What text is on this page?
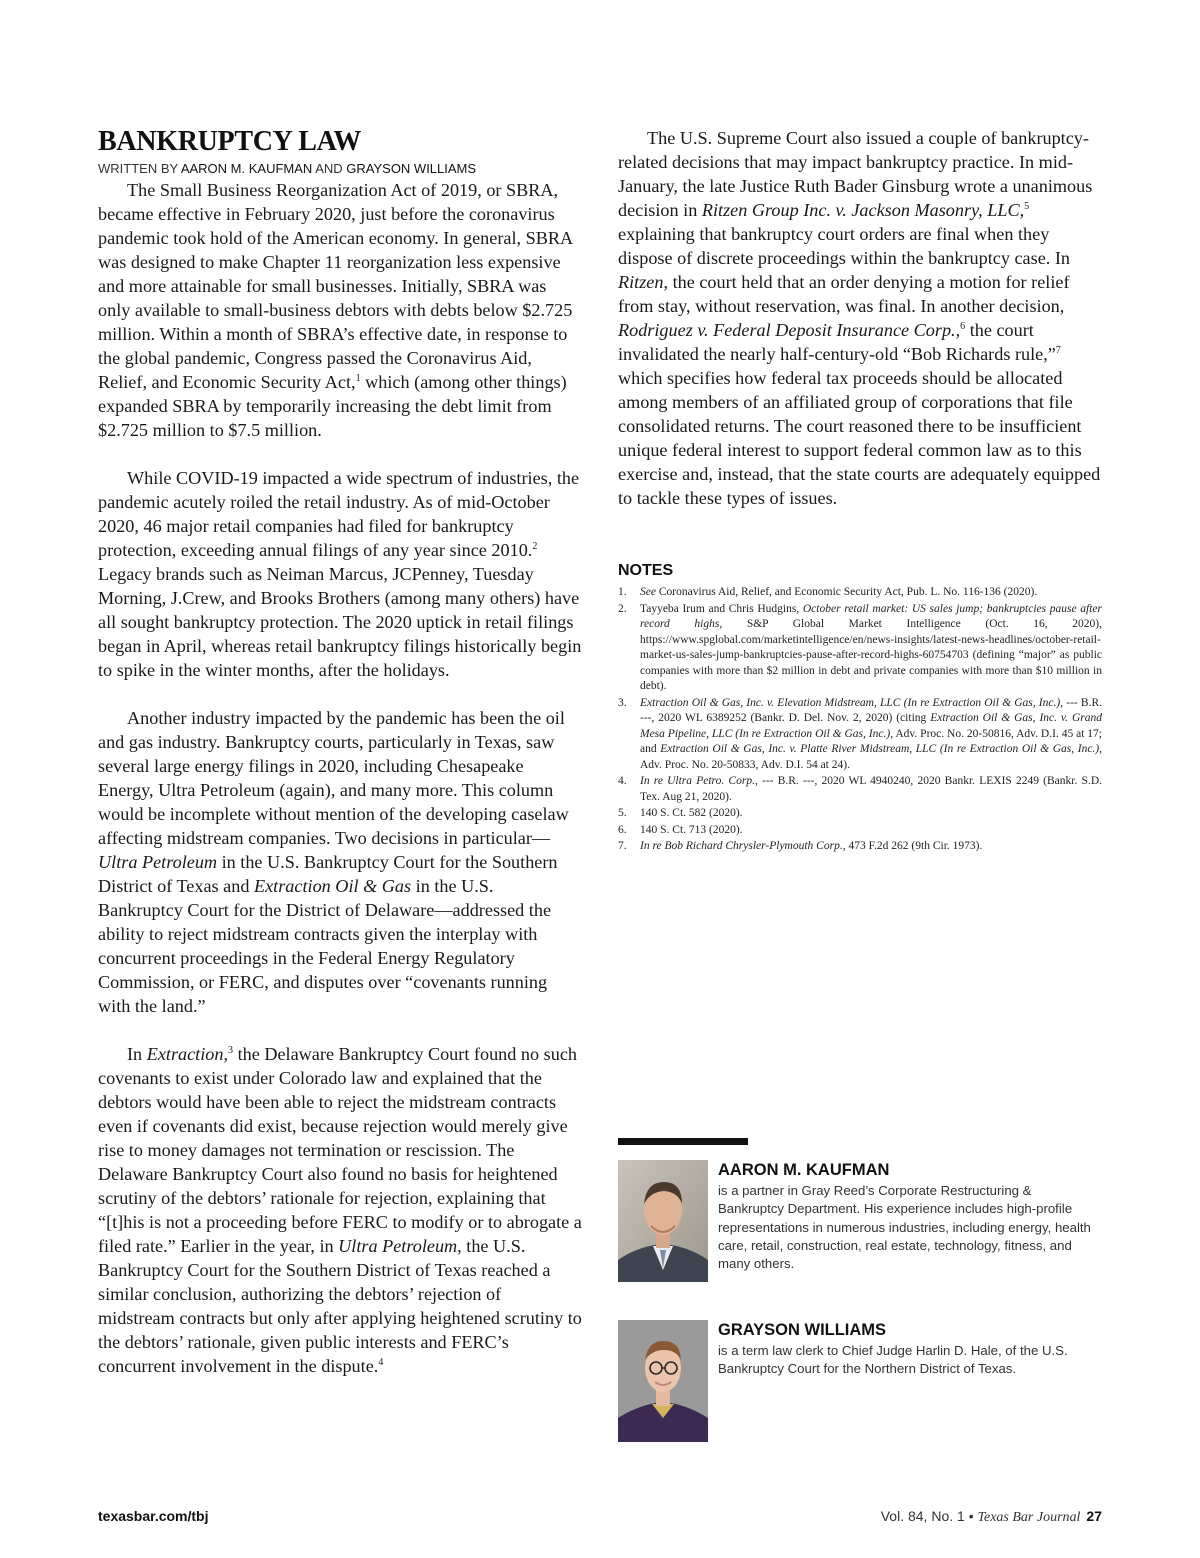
BANKRUPTCY LAW

WRITTEN BY AARON M. KAUFMAN AND GRAYSON WILLIAMS

The Small Business Reorganization Act of 2019, or SBRA, became effective in February 2020, just before the coronavirus pandemic took hold of the American economy. In general, SBRA was designed to make Chapter 11 reorganization less expensive and more attainable for small businesses. Initially, SBRA was only available to small-business debtors with debts below $2.725 million. Within a month of SBRA’s effective date, in response to the global pandemic, Congress passed the Coronavirus Aid, Relief, and Economic Security Act,$^1$ which (among other things) expanded SBRA by temporarily increasing the debt limit from $2.725 million to $7.5 million.

While COVID-19 impacted a wide spectrum of industries, the pandemic acutely roiled the retail industry. As of mid-October 2020, 46 major retail companies had filed for bankruptcy protection, exceeding annual filings of any year since 2010.$^2$ Legacy brands such as Neiman Marcus, JCPenney, Tuesday Morning, J.Crew, and Brooks Brothers (among many others) have all sought bankruptcy protection. The 2020 uptick in retail filings began in April, whereas retail bankruptcy filings historically begin to spike in the winter months, after the holidays.

Another industry impacted by the pandemic has been the oil and gas industry. Bankruptcy courts, particularly in Texas, saw several large energy filings in 2020, including Chesapeake Energy, Ultra Petroleum (again), and many more. This column would be incomplete without mention of the developing caselaw affecting midstream companies. Two decisions in particular—Ultra Petroleum in the U.S. Bankruptcy Court for the Southern District of Texas and Extraction Oil & Gas in the U.S. Bankruptcy Court for the District of Delaware—addressed the ability to reject midstream contracts given the interplay with concurrent proceedings in the Federal Energy Regulatory Commission, or FERC, and disputes over “covenants running with the land.”

In Extraction,$^3$ the Delaware Bankruptcy Court found no such covenants to exist under Colorado law and explained that the debtors would have been able to reject the midstream contracts even if covenants did exist, because rejection would merely give rise to money damages not termination or rescission. The Delaware Bankruptcy Court also found no basis for heightened scrutiny of the debtors’ rationale for rejection, explaining that “[t]his is not a proceeding before FERC to modify or to abrogate a filed rate.” Earlier in the year, in Ultra Petroleum, the U.S. Bankruptcy Court for the Southern District of Texas reached a similar conclusion, authorizing the debtors’ rejection of midstream contracts but only after applying heightened scrutiny to the debtors’ rationale, given public interests and FERC’s concurrent involvement in the dispute.$^4$

The U.S. Supreme Court also issued a couple of bankruptcy-related decisions that may impact bankruptcy practice. In mid-January, the late Justice Ruth Bader Ginsburg wrote a unanimous decision in Ritzen Group Inc. v. Jackson Masonry, LLC,$^5$ explaining that bankruptcy court orders are final when they dispose of discrete proceedings within the bankruptcy case. In Ritzen, the court held that an order denying a motion for relief from stay, without reservation, was final. In another decision, Rodriguez v. Federal Deposit Insurance Corp.,$^6$ the court invalidated the nearly half-century-old “Bob Richards rule,”$^7$ which specifies how federal tax proceeds should be allocated among members of an affiliated group of corporations that file consolidated returns. The court reasoned there to be insufficient unique federal interest to support federal common law as to this exercise and, instead, that the state courts are adequately equipped to tackle these types of issues.

NOTES
1. See Coronavirus Aid, Relief, and Economic Security Act, Pub. L. No. 116-136 (2020).
2. Tayyeba Irum and Chris Hudgins, October retail market: US sales jump; bankruptcies pause after record highs, S&P Global Market Intelligence (Oct. 16, 2020), https://www.spglobal.com/marketintelligence/en/news-insights/latest-news-headlines/october-retail-market-us-sales-jump-bankruptcies-pause-after-record-highs-60754703 (defining “major” as public companies with more than $2 million in debt and private companies with more than $10 million in debt).
3. Extraction Oil & Gas, Inc. v. Elevation Midstream, LLC (In re Extraction Oil & Gas, Inc.), --- B.R. ---, 2020 WL 6389252 (Bankr. D. Del. Nov. 2, 2020) (citing Extraction Oil & Gas, Inc. v. Grand Mesa Pipeline, LLC (In re Extraction Oil & Gas, Inc.), Adv. Proc. No. 20-50816, Adv. D.I. 45 at 17; and Extraction Oil & Gas, Inc. v. Platte River Midstream, LLC (In re Extraction Oil & Gas, Inc.), Adv. Proc. No. 20-50833, Adv. D.I. 54 at 24).
4. In re Ultra Petro. Corp., --- B.R. ---, 2020 WL 4940240, 2020 Bankr. LEXIS 2249 (Bankr. S.D. Tex. Aug 21, 2020).
5. 140 S. Ct. 582 (2020).
6. 140 S. Ct. 713 (2020).
7. In re Bob Richard Chrysler-Plymouth Corp., 473 F.2d 262 (9th Cir. 1973).
AARON M. KAUFMAN

is a partner in Gray Reed’s Corporate Restructuring & Bankruptcy Department. His experience includes high-profile representations in numerous industries, including energy, health care, retail, construction, real estate, technology, fitness, and many others.

GRAYSON WILLIAMS

is a term law clerk to Chief Judge Harlin D. Hale, of the U.S. Bankruptcy Court for the Northern District of Texas.

texasbar.com/tbj	Vol. 84, No. 1 • Texas Bar Journal 27
